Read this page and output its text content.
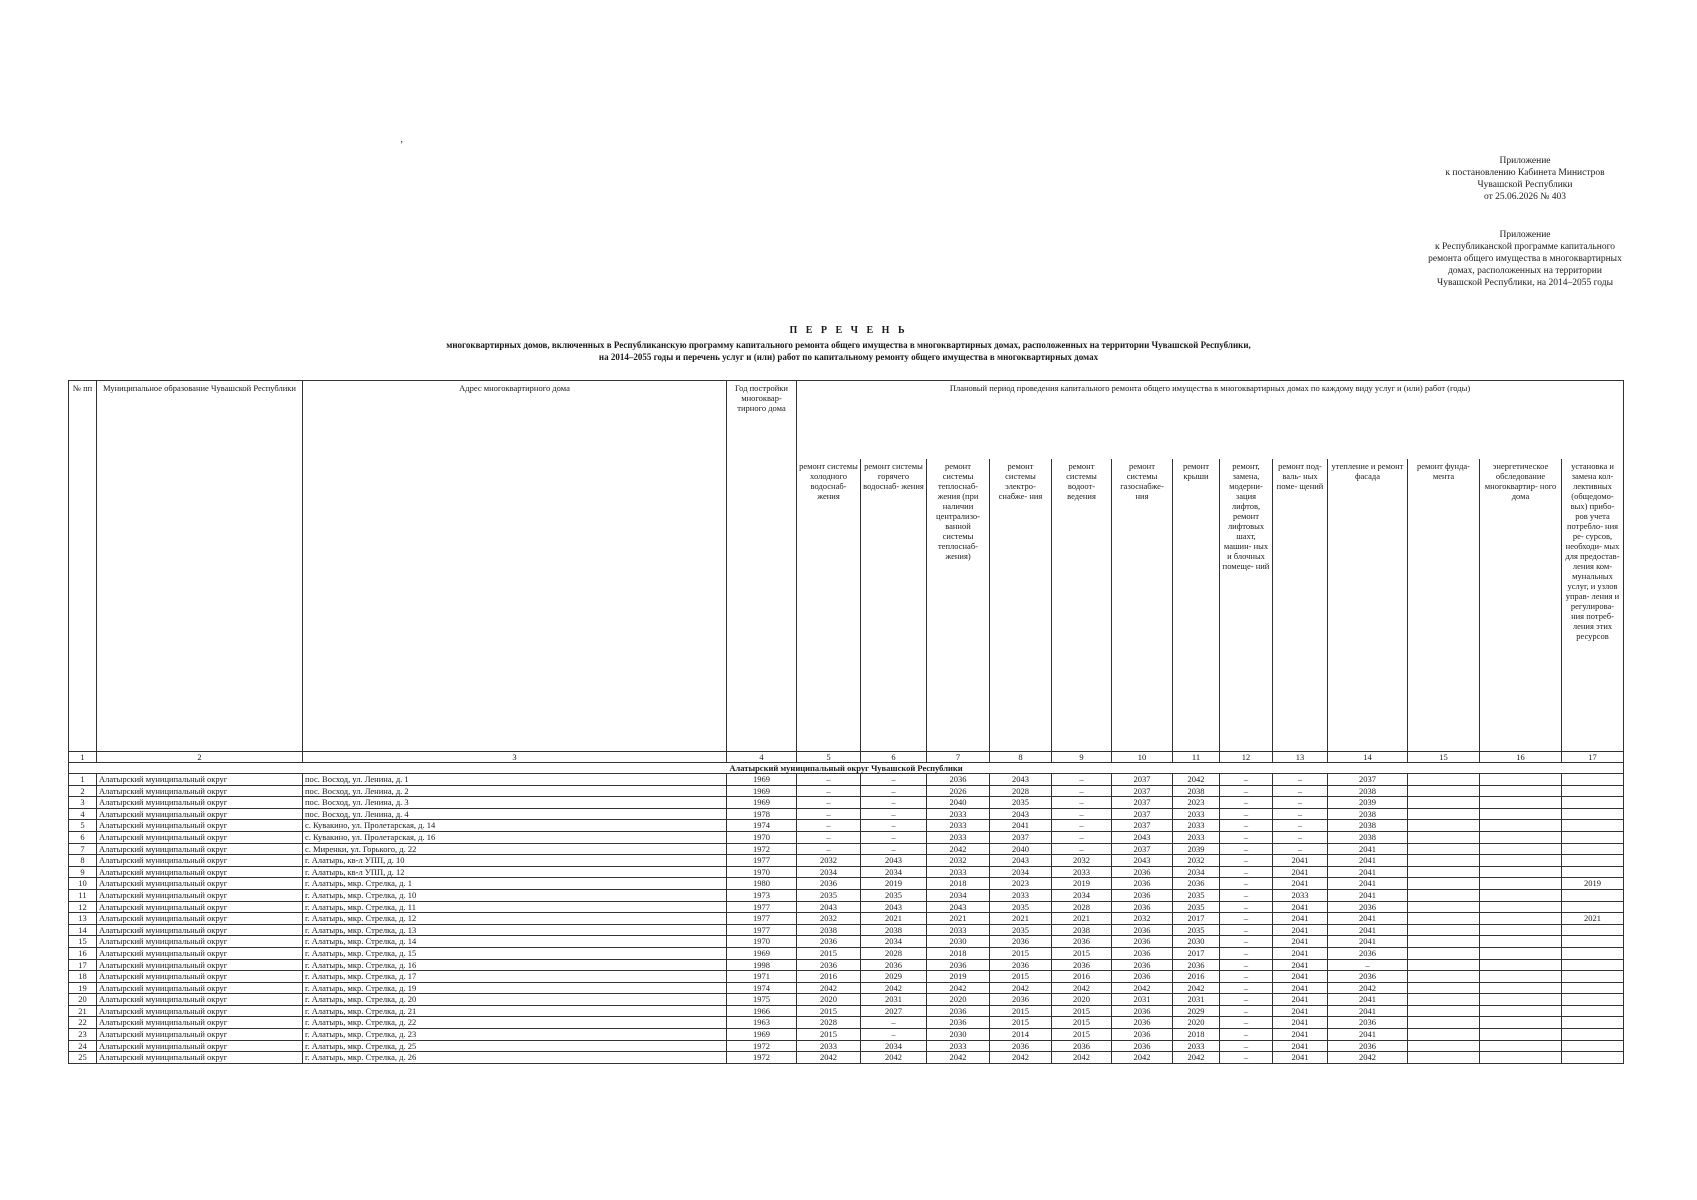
‚
Приложение
к постановлению Кабинета Министров
Чувашской Республики
от 25.06.2026 № 403
Приложение
к Республиканской программе капитального
ремонта общего имущества в многоквартирных
домах, расположенных на территории
Чувашской Республики, на 2014–2055 годы
П Е Р Е Ч Е Н Ь
многоквартирных домов, включенных в Республиканскую программу капитального ремонта общего имущества в многоквартирных домах, расположенных на территории Чувашской Республики,
на 2014–2055 годы и перечень услуг и (или) работ по капитальному ремонту общего имущества в многоквартирных домах
№ пп	Муниципальное образование Чувашской Республики	Адрес многоквартирного дома	Год постройки многоквар- тирного дома	Плановый период проведения капитального ремонта общего имущества в многоквартирных домах по каждому виду услуг и (или) работ (годы)												
				ремонт системы холодного водоснаб- жения	ремонт системы горячего водоснаб- жения	ремонт системы теплоснаб- жения (при наличии централизо- ванной системы теплоснаб- жения)	ремонт системы электро- снабже- ния	ремонт системы водоот- ведения	ремонт системы газоснабже- ния	ремонт крыши	ремонт, замена, модерни- зация лифтов, ремонт лифтовых шахт, машин- ных и блочных помеще- ний	ремонт под- валь- ных поме- щений	утепление и ремонт фасада	ремонт фунда- мента	энергетическое обследование многоквартир- ного дома	установка и замена кол- лективных (общедомо- вых) прибо- ров учета потребло- ния ре- сурсов, необходи- мых для предостав- ления ком- мунальных услуг, и узлов управ- ления и регулирова- ния потреб- ления этих ресурсов
1	2	3	4	5	6	7	8	9	10	11	12	13	14	15	16	17
Алатырский муниципальный округ Чувашской Республики																
1	Алатырский муниципальный округ	пос. Восход, ул. Ленина, д. 1	1969	–	–	2036	2043	–	2037	2042	–	–	2037			
2	Алатырский муниципальный округ	пос. Восход, ул. Ленина, д. 2	1969	–	–	2026	2028	–	2037	2038	–	–	2038			
3	Алатырский муниципальный округ	пос. Восход, ул. Ленина, д. 3	1969	–	–	2040	2035	–	2037	2023	–	–	2039			
4	Алатырский муниципальный округ	пос. Восход, ул. Ленина, д. 4	1978	–	–	2033	2043	–	2037	2033	–	–	2038			
5	Алатырский муниципальный округ	с. Кувакино, ул. Пролетарская, д. 14	1974	–	–	2033	2041	–	2037	2033	–	–	2038			
6	Алатырский муниципальный округ	с. Кувакино, ул. Пролетарская, д. 16	1970	–	–	2033	2037	–	2043	2033	–	–	2038			
7	Алатырский муниципальный округ	с. Миренки, ул. Горького, д. 22	1972	–	–	2042	2040	–	2037	2039	–	–	2041			
8	Алатырский муниципальный округ	г. Алатырь, кв-л УПП, д. 10	1977	2032	2043	2032	2043	2032	2043	2032	–	2041	2041			
9	Алатырский муниципальный округ	г. Алатырь, кв-л УПП, д. 12	1970	2034	2034	2033	2034	2033	2036	2034	–	2041	2041			
10	Алатырский муниципальный округ	г. Алатырь, мкр. Стрелка, д. 1	1980	2036	2019	2018	2023	2019	2036	2036	–	2041	2041			2019
11	Алатырский муниципальный округ	г. Алатырь, мкр. Стрелка, д. 10	1973	2035	2035	2034	2033	2034	2036	2035	–	2033	2041			
12	Алатырский муниципальный округ	г. Алатырь, мкр. Стрелка, д. 11	1977	2043	2043	2043	2035	2028	2036	2035	–	2041	2036			
13	Алатырский муниципальный округ	г. Алатырь, мкр. Стрелка, д. 12	1977	2032	2021	2021	2021	2021	2032	2017	–	2041	2041			2021
14	Алатырский муниципальный округ	г. Алатырь, мкр. Стрелка, д. 13	1977	2038	2038	2033	2035	2038	2036	2035	–	2041	2041			
15	Алатырский муниципальный округ	г. Алатырь, мкр. Стрелка, д. 14	1970	2036	2034	2030	2036	2036	2036	2030	–	2041	2041			
16	Алатырский муниципальный округ	г. Алатырь, мкр. Стрелка, д. 15	1969	2015	2028	2018	2015	2015	2036	2017	–	2041	2036			
17	Алатырский муниципальный округ	г. Алатырь, мкр. Стрелка, д. 16	1998	2036	2036	2036	2036	2036	2036	2036	–	2041	–			
18	Алатырский муниципальный округ	г. Алатырь, мкр. Стрелка, д. 17	1971	2016	2029	2019	2015	2016	2036	2016	–	2041	2036			
19	Алатырский муниципальный округ	г. Алатырь, мкр. Стрелка, д. 19	1974	2042	2042	2042	2042	2042	2042	2042	–	2041	2042			
20	Алатырский муниципальный округ	г. Алатырь, мкр. Стрелка, д. 20	1975	2020	2031	2020	2036	2020	2031	2031	–	2041	2041			
21	Алатырский муниципальный округ	г. Алатырь, мкр. Стрелка, д. 21	1966	2015	2027	2036	2015	2015	2036	2029	–	2041	2041			
22	Алатырский муниципальный округ	г. Алатырь, мкр. Стрелка, д. 22	1963	2028	–	2036	2015	2015	2036	2020	–	2041	2036			
23	Алатырский муниципальный округ	г. Алатырь, мкр. Стрелка, д. 23	1969	2015	–	2030	2014	2015	2036	2018	–	2041	2041			
24	Алатырский муниципальный округ	г. Алатырь, мкр. Стрелка, д. 25	1972	2033	2034	2033	2036	2036	2036	2033	–	2041	2036			
25	Алатырский муниципальный округ	г. Алатырь, мкр. Стрелка, д. 26	1972	2042	2042	2042	2042	2042	2042	2042	–	2041	2042			
